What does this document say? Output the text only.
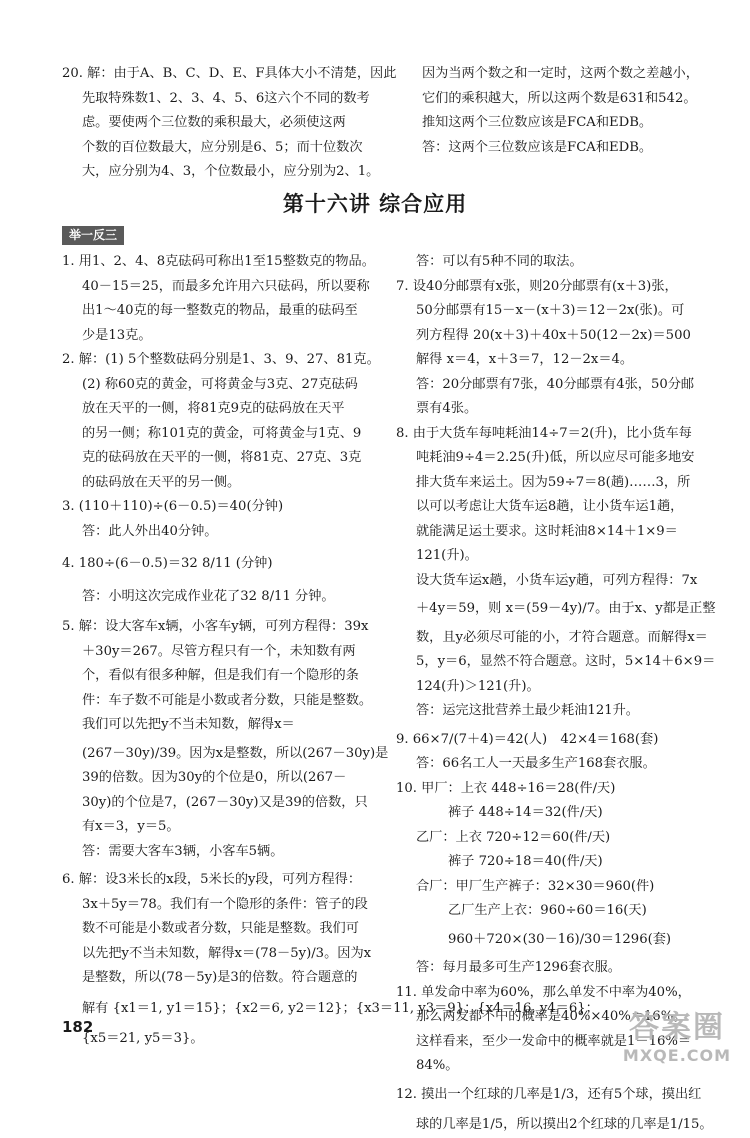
20. 解：由于A、B、C、D、E、F具体大小不清楚，因此
先取特殊数1、2、3、4、5、6这六个不同的数考
虑。要使两个三位数的乘积最大，必须使这两
个数的百位数最大，应分别是6、5；而十位数次
大，应分别为4、3，个位数最小，应分别为2、1。
因为当两个数之和一定时，这两个数之差越小，
它们的乘积越大，所以这两个数是631和542。
推知这两个三位数应该是FCA和EDB。
答：这两个三位数应该是FCA和EDB。
第十六讲 综合应用
举一反三
1. 用1、2、4、8克砝码可称出1至15整数克的物品。
40－15＝25，而最多允许用六只砝码，所以要称
出1～40克的每一整数克的物品，最重的砝码至
少是13克。
2. 解：(1) 5个整数砝码分别是1、3、9、27、81克。
(2) 称60克的黄金，可将黄金与3克、27克砝码
放在天平的一侧，将81克9克的砝码放在天平
的另一侧；称101克的黄金，可将黄金与1克、9
克的砝码放在天平的一侧，将81克、27克、3克
的砝码放在天平的另一侧。
3. (110＋110)÷(6－0.5)＝40(分钟)
答：此人外出40分钟。
4. 180÷(6－0.5)＝32 8/11 (分钟)
答：小明这次完成作业花了32 8/11 分钟。
5. 解：设大客车x辆，小客车y辆，可列方程得：39x
＋30y＝267。尽管方程只有一个，未知数有两
个，看似有很多种解，但是我们有一个隐形的条
件：车子数不可能是小数或者分数，只能是整数。
我们可以先把y不当未知数，解得x＝
(267－30y)/39。因为x是整数，所以(267－30y)是
39的倍数。因为30y的个位是0，所以(267－
30y)的个位是7，(267－30y)又是39的倍数，只
有x＝3，y＝5。
答：需要大客车3辆，小客车5辆。
6. 解：设3米长的x段，5米长的y段，可列方程得：
3x＋5y＝78。我们有一个隐形的条件：管子的段
数不可能是小数或者分数，只能是整数。我们可
以先把y不当未知数，解得x＝(78－5y)/3。因为x
是整数，所以(78－5y)是3的倍数。符合题意的
解有 {x1＝1, y1＝15}；{x2＝6, y2＝12}；{x3＝11, y3＝9}；{x4＝16, y4＝6}；
{x5＝21, y5＝3}。
答：可以有5种不同的取法。
7. 设40分邮票有x张，则20分邮票有(x＋3)张，
50分邮票有15－x－(x＋3)＝12－2x(张)。可
列方程得 20(x＋3)＋40x＋50(12－2x)＝500
解得 x＝4，x＋3＝7，12－2x＝4。
答：20分邮票有7张，40分邮票有4张，50分邮
票有4张。
8. 由于大货车每吨耗油14÷7＝2(升)，比小货车每
吨耗油9÷4＝2.25(升)低，所以应尽可能多地安
排大货车来运土。因为59÷7＝8(趟)……3，所
以可以考虑让大货车运8趟，让小货车运1趟，
就能满足运土要求。这时耗油8×14＋1×9＝
121(升)。
设大货车运x趟，小货车运y趟，可列方程得：7x
＋4y＝59，则 x＝(59－4y)/7。由于x、y都是正整
数，且y必须尽可能的小，才符合题意。而解得x＝
5，y＝6，显然不符合题意。这时，5×14＋6×9＝
124(升)＞121(升)。
答：运完这批营养土最少耗油121升。
9. 66×7/(7＋4)＝42(人)　42×4＝168(套)
答：66名工人一天最多生产168套衣服。
10. 甲厂：上衣 448÷16＝28(件/天)
裤子 448÷14＝32(件/天)
乙厂：上衣 720÷12＝60(件/天)
裤子 720÷18＝40(件/天)
合厂：甲厂生产裤子：32×30＝960(件)
乙厂生产上衣：960÷60＝16(天)
960＋720×(30－16)/30＝1296(套)
答：每月最多可生产1296套衣服。
11. 单发命中率为60%，那么单发不中率为40%，
那么两发都不中的概率是40%×40%＝16%。
这样看来，至少一发命中的概率就是1－16%＝
84%。
12. 摸出一个红球的几率是1/3，还有5个球，摸出红
球的几率是1/5，所以摸出2个红球的几率是1/15。
182	答案圈
MXQE.COM
